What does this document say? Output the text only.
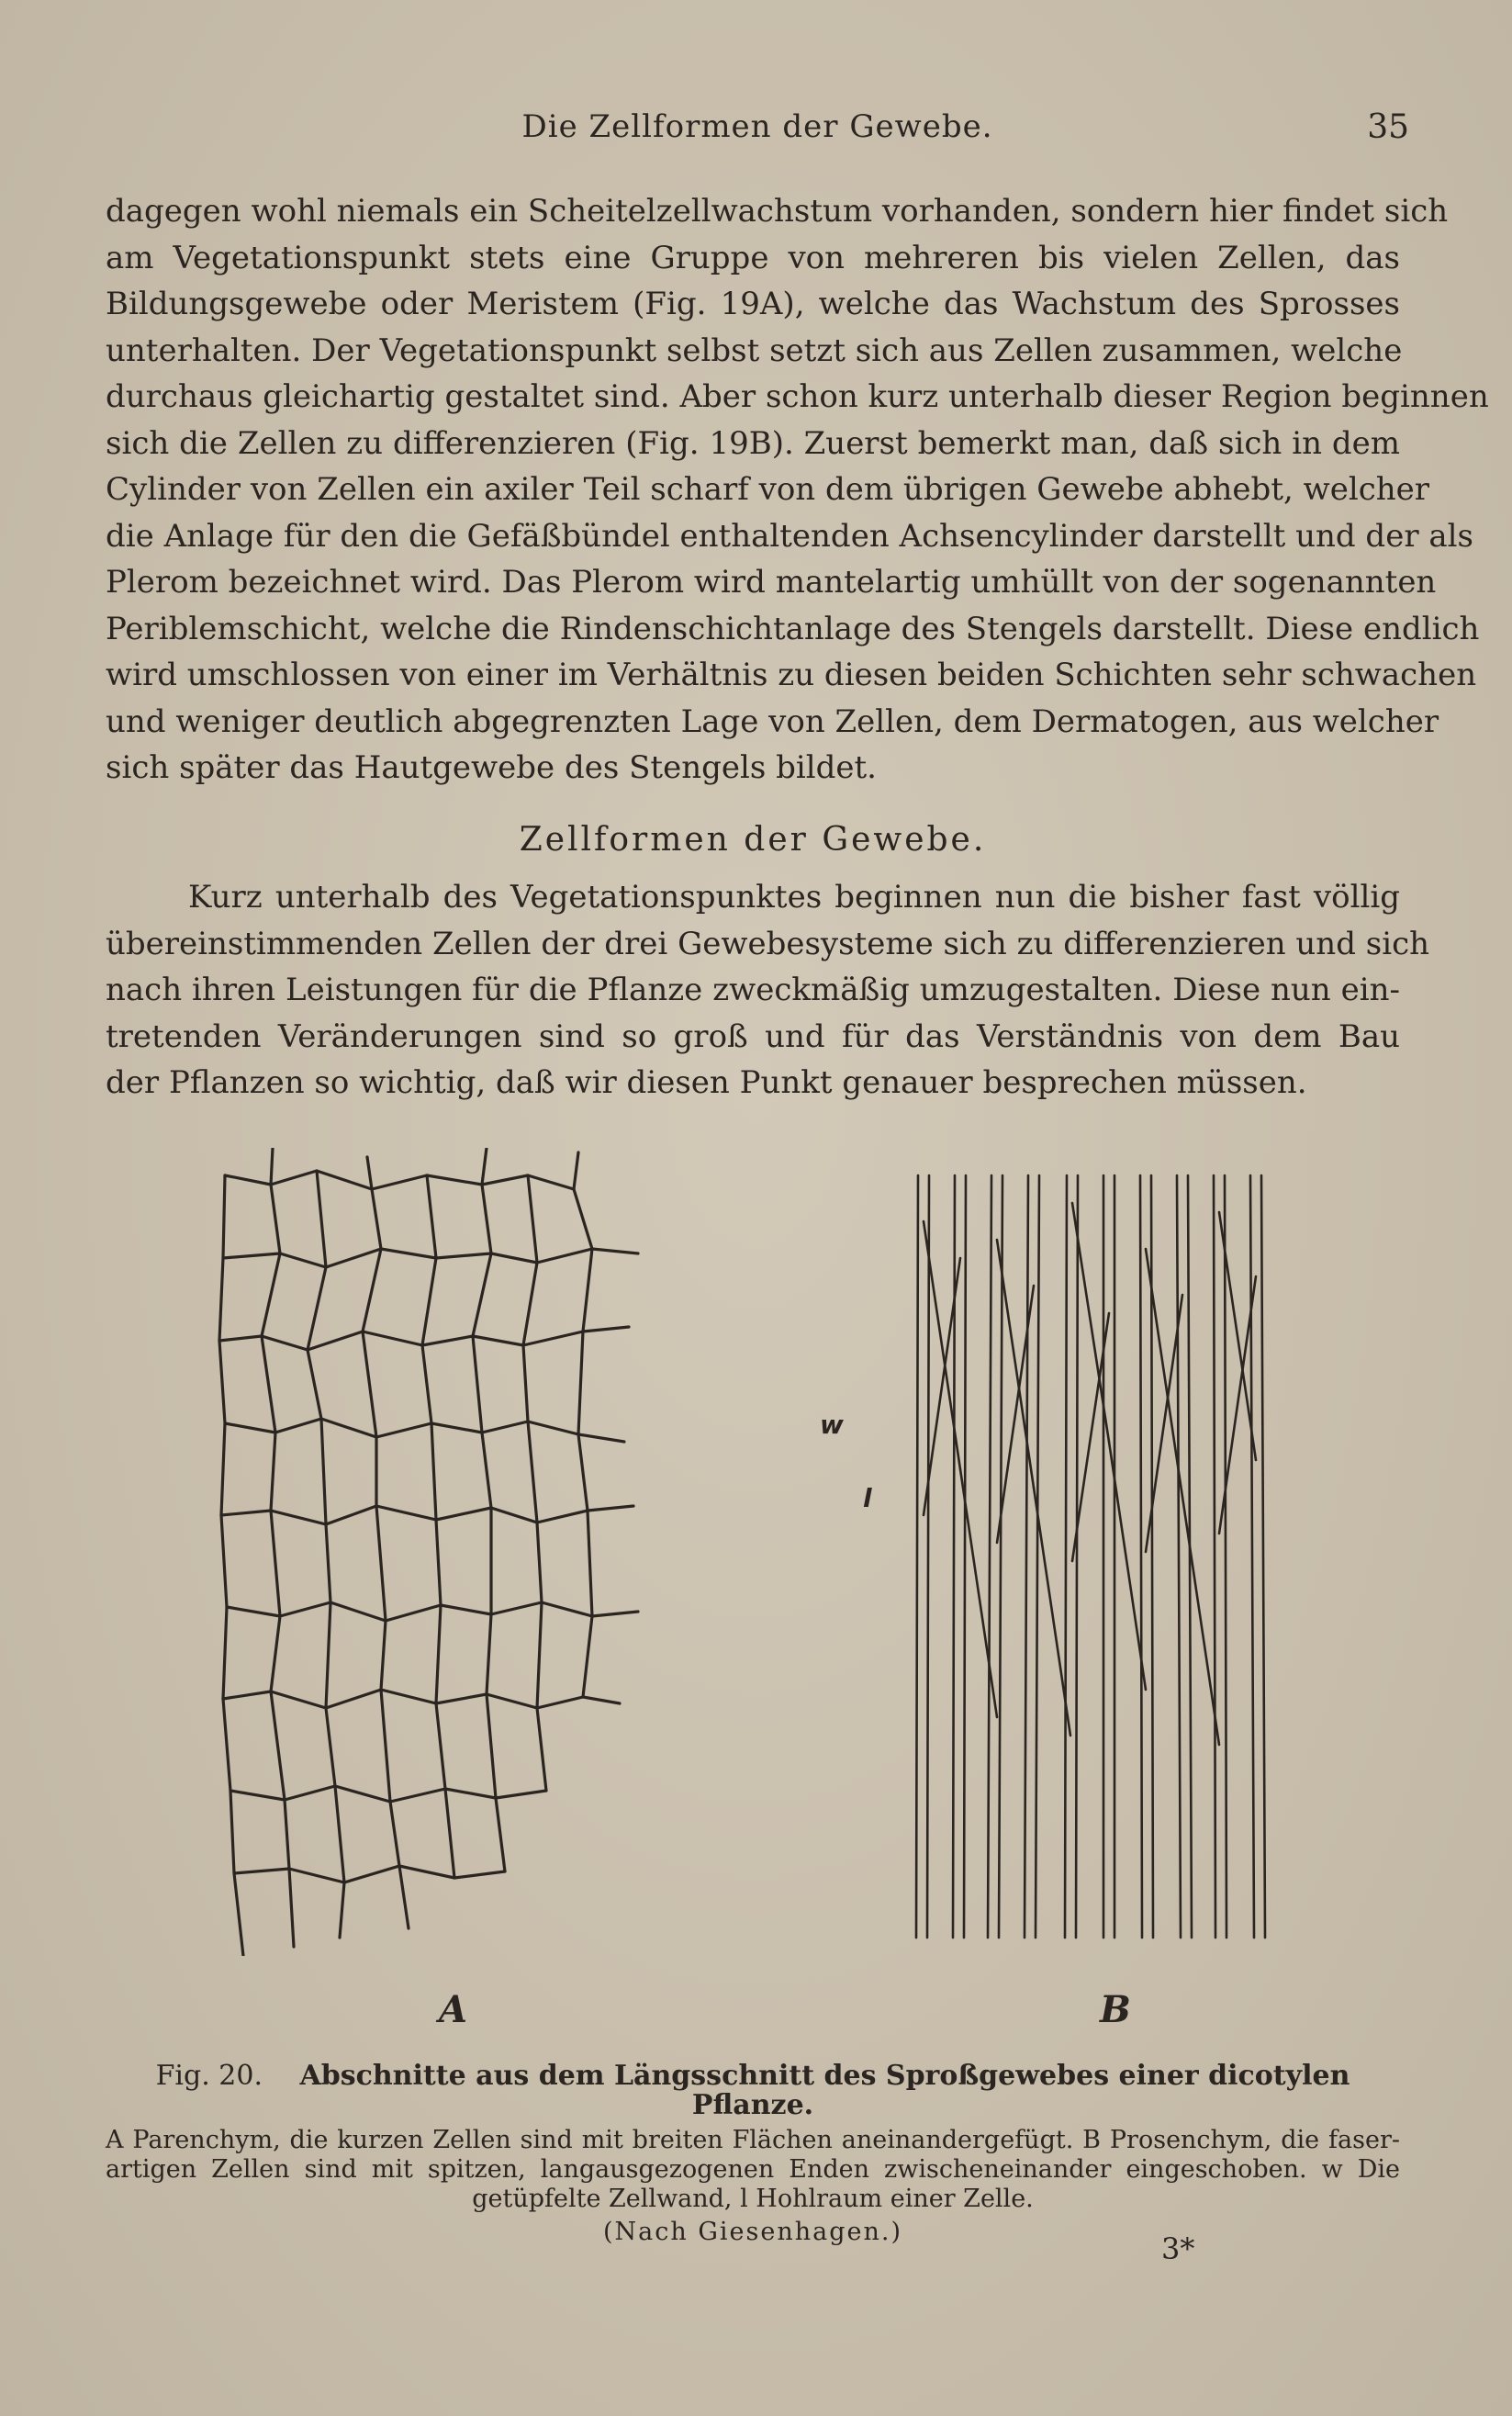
Die Zellformen der Gewebe.	35
dagegen wohl niemals ein Scheitelzellwachstum vorhanden, sondern hier findet sich
am Vegetationspunkt stets eine Gruppe von mehreren bis vielen Zellen, das
Bildungsgewebe oder Meristem (Fig. 19A), welche das Wachstum des Sprosses
unterhalten. Der Vegetationspunkt selbst setzt sich aus Zellen zusammen, welche
durchaus gleichartig gestaltet sind. Aber schon kurz unterhalb dieser Region beginnen
sich die Zellen zu differenzieren (Fig. 19B). Zuerst bemerkt man, daß sich in dem
Cylinder von Zellen ein axiler Teil scharf von dem übrigen Gewebe abhebt, welcher
die Anlage für den die Gefäßbündel enthaltenden Achsencylinder darstellt und der als
Plerom bezeichnet wird. Das Plerom wird mantelartig umhüllt von der sogenannten
Periblemschicht, welche die Rindenschichtanlage des Stengels darstellt. Diese endlich
wird umschlossen von einer im Verhältnis zu diesen beiden Schichten sehr schwachen
und weniger deutlich abgegrenzten Lage von Zellen, dem Dermatogen, aus welcher
sich später das Hautgewebe des Stengels bildet.
Zellformen der Gewebe.
Kurz unterhalb des Vegetationspunktes beginnen nun die bisher fast völlig
übereinstimmenden Zellen der drei Gewebesysteme sich zu differenzieren und sich
nach ihren Leistungen für die Pflanze zweckmäßig umzugestalten. Diese nun ein-
tretenden Veränderungen sind so groß und für das Verständnis von dem Bau
der Pflanzen so wichtig, daß wir diesen Punkt genauer besprechen müssen.
w
l
A	B
Fig. 20. Abschnitte aus dem Längsschnitt des Sproßgewebes einer dicotylen Pflanze.
A Parenchym, die kurzen Zellen sind mit breiten Flächen aneinandergefügt. B Prosenchym, die faser- artigen Zellen sind mit spitzen, langausgezogenen Enden zwischeneinander eingeschoben. w Die getüpfelte Zellwand, l Hohlraum einer Zelle.
(Nach Giesenhagen.)	3*
